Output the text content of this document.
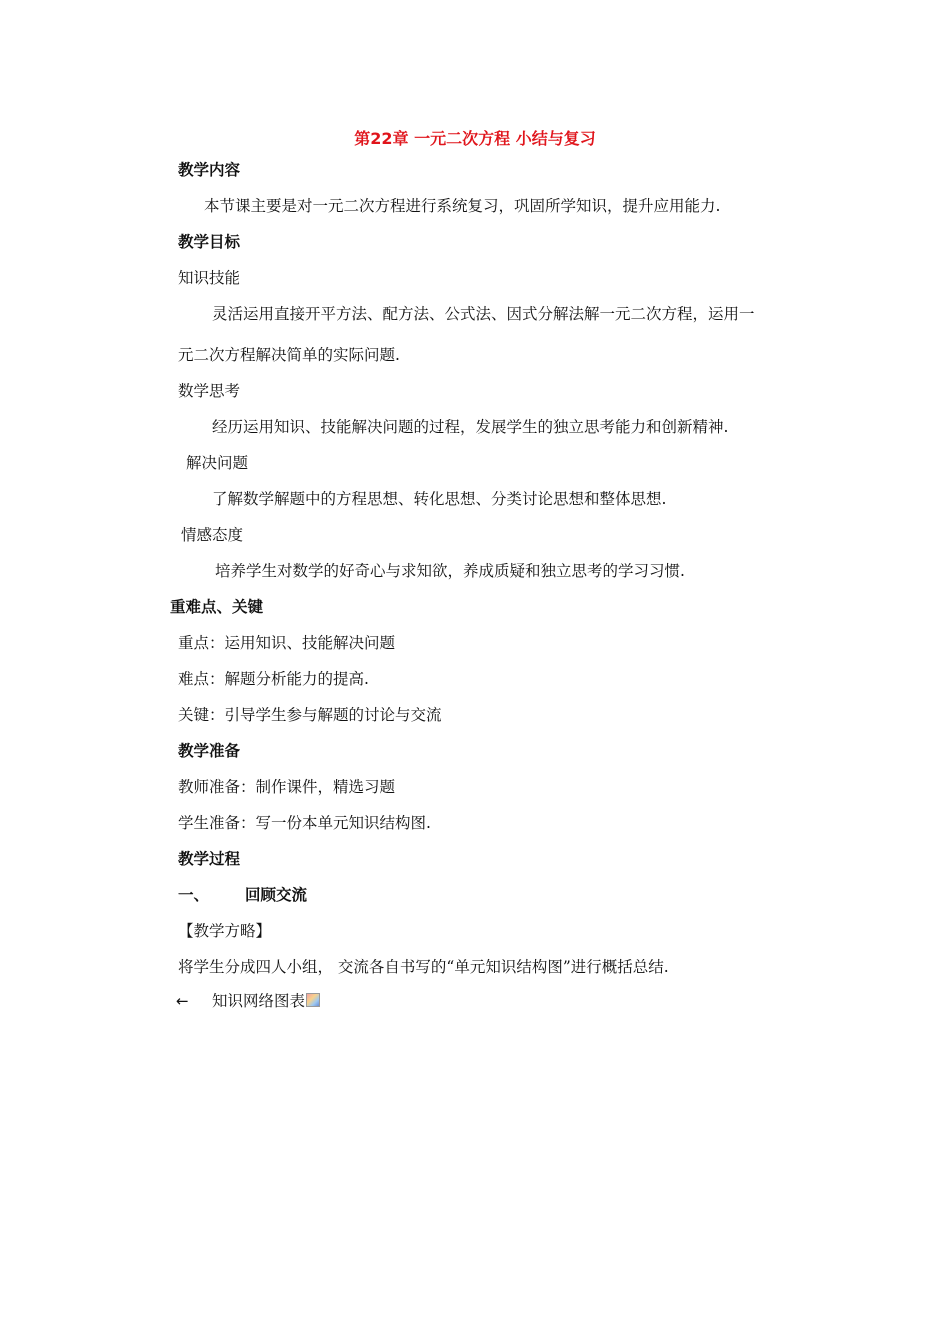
第22章 一元二次方程 小结与复习
教学内容
本节课主要是对一元二次方程进行系统复习，巩固所学知识，提升应用能力.
教学目标
知识技能
灵活运用直接开平方法、配方法、公式法、因式分解法解一元二次方程，运用一
元二次方程解决简单的实际问题.
数学思考
经历运用知识、技能解决问题的过程，发展学生的独立思考能力和创新精神.
解决问题
了解数学解题中的方程思想、转化思想、分类讨论思想和整体思想.
情感态度
培养学生对数学的好奇心与求知欲，养成质疑和独立思考的学习习惯.
重难点、关键
重点：运用知识、技能解决问题
难点：解题分析能力的提高.
关键：引导学生参与解题的讨论与交流
教学准备
教师准备：制作课件，精选习题
学生准备：写一份本单元知识结构图.
教学过程
一、 回顾交流
【教学方略】
将学生分成四人小组， 交流各自书写的“单元知识结构图”进行概括总结.
← 知识网络图表
